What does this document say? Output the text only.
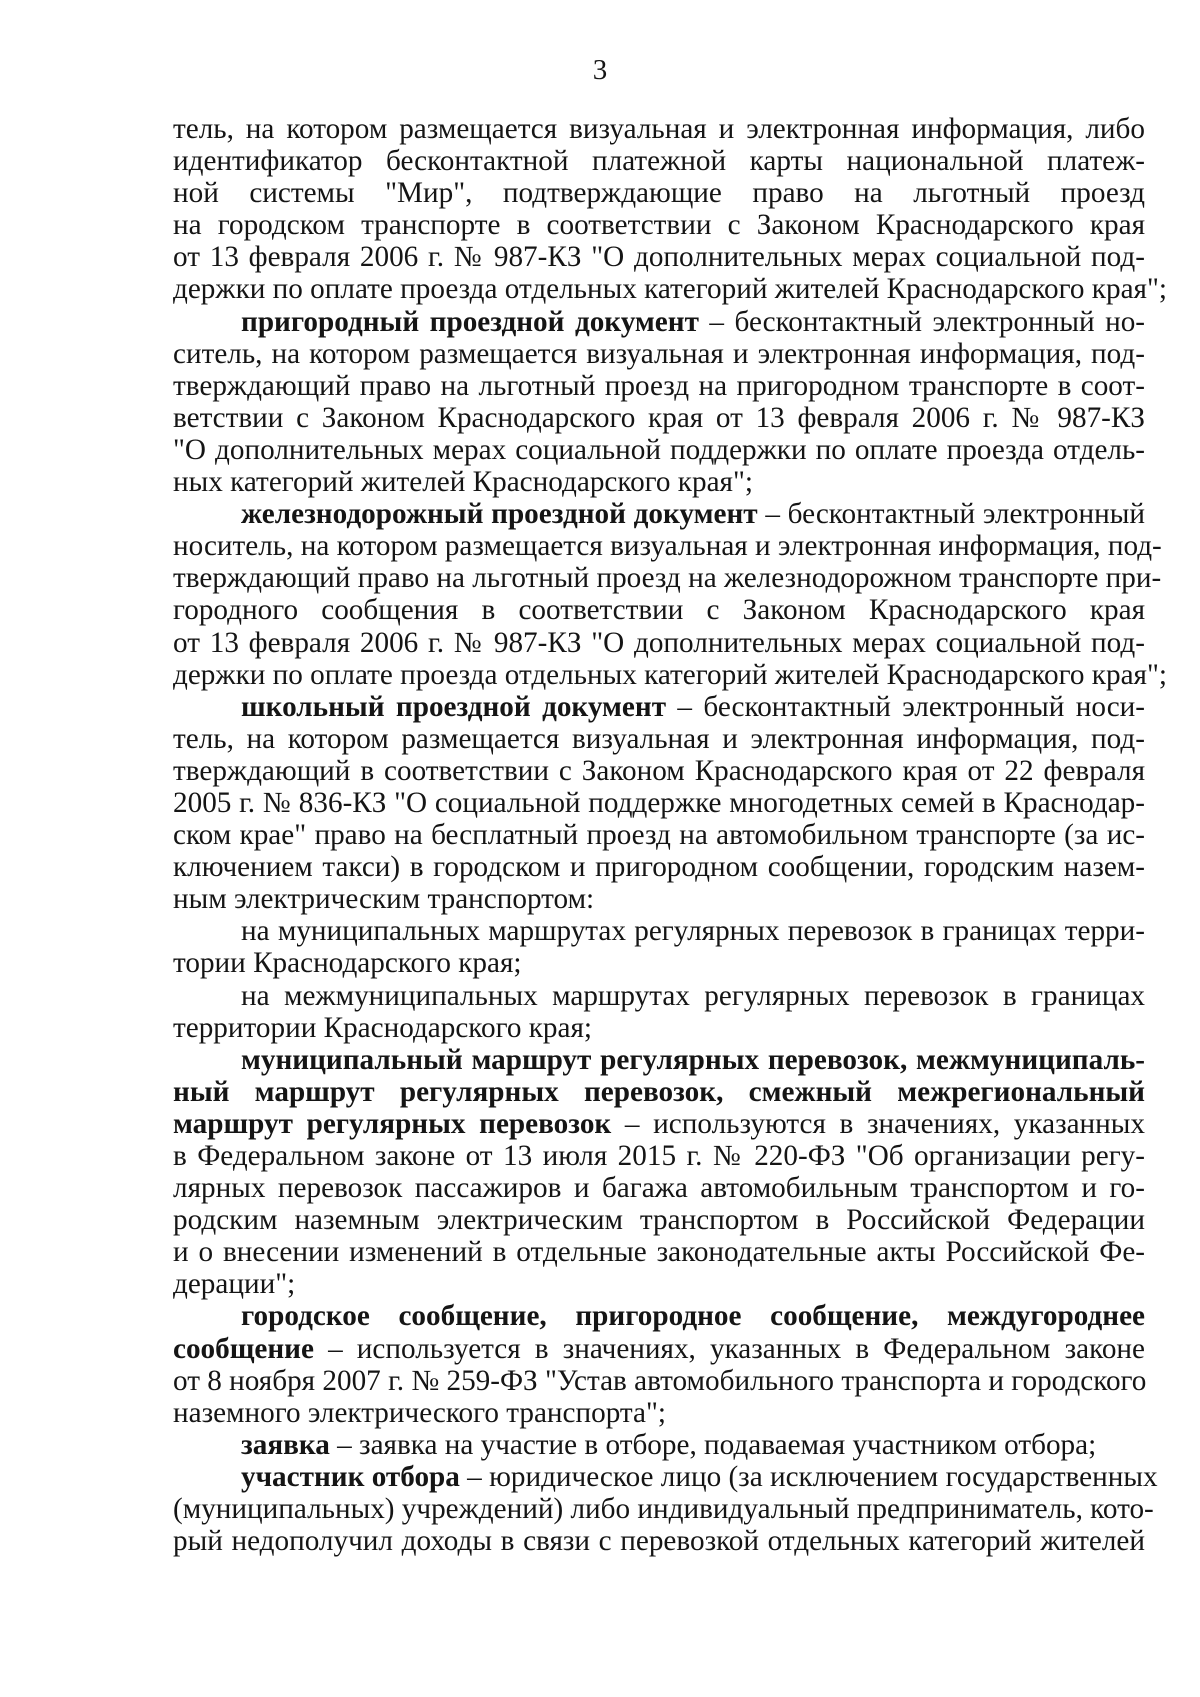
3
тель, на котором размещается визуальная и электронная информация, либо
идентификатор бесконтактной платежной карты национальной платеж-
ной системы "Мир", подтверждающие право на льготный проезд
на городском транспорте в соответствии с Законом Краснодарского края
от 13 февраля 2006 г. № 987-КЗ "О дополнительных мерах социальной под-
держки по оплате проезда отдельных категорий жителей Краснодарского края";
пригородный проездной документ – бесконтактный электронный но-
ситель, на котором размещается визуальная и электронная информация, под-
тверждающий право на льготный проезд на пригородном транспорте в соот-
ветствии с Законом Краснодарского края от 13 февраля 2006 г. № 987-КЗ
"О дополнительных мерах социальной поддержки по оплате проезда отдель-
ных категорий жителей Краснодарского края";
железнодорожный проездной документ – бесконтактный электронный
носитель, на котором размещается визуальная и электронная информация, под-
тверждающий право на льготный проезд на железнодорожном транспорте при-
городного сообщения в соответствии с Законом Краснодарского края
от 13 февраля 2006 г. № 987-КЗ "О дополнительных мерах социальной под-
держки по оплате проезда отдельных категорий жителей Краснодарского края";
школьный проездной документ – бесконтактный электронный носи-
тель, на котором размещается визуальная и электронная информация, под-
тверждающий в соответствии с Законом Краснодарского края от 22 февраля
2005 г. № 836-КЗ "О социальной поддержке многодетных семей в Краснодар-
ском крае" право на бесплатный проезд на автомобильном транспорте (за ис-
ключением такси) в городском и пригородном сообщении, городским назем-
ным электрическим транспортом:
на муниципальных маршрутах регулярных перевозок в границах терри-
тории Краснодарского края;
на межмуниципальных маршрутах регулярных перевозок в границах
территории Краснодарского края;
муниципальный маршрут регулярных перевозок, межмуниципаль-
ный маршрут регулярных перевозок, смежный межрегиональный
маршрут регулярных перевозок – используются в значениях, указанных
в Федеральном законе от 13 июля 2015 г. № 220-ФЗ "Об организации регу-
лярных перевозок пассажиров и багажа автомобильным транспортом и го-
родским наземным электрическим транспортом в Российской Федерации
и о внесении изменений в отдельные законодательные акты Российской Фе-
дерации";
городское сообщение, пригородное сообщение, междугороднее
сообщение – используется в значениях, указанных в Федеральном законе
от 8 ноября 2007 г. № 259-ФЗ "Устав автомобильного транспорта и городского
наземного электрического транспорта";
заявка – заявка на участие в отборе, подаваемая участником отбора;
участник отбора – юридическое лицо (за исключением государственных
(муниципальных) учреждений) либо индивидуальный предприниматель, кото-
рый недополучил доходы в связи с перевозкой отдельных категорий жителей
